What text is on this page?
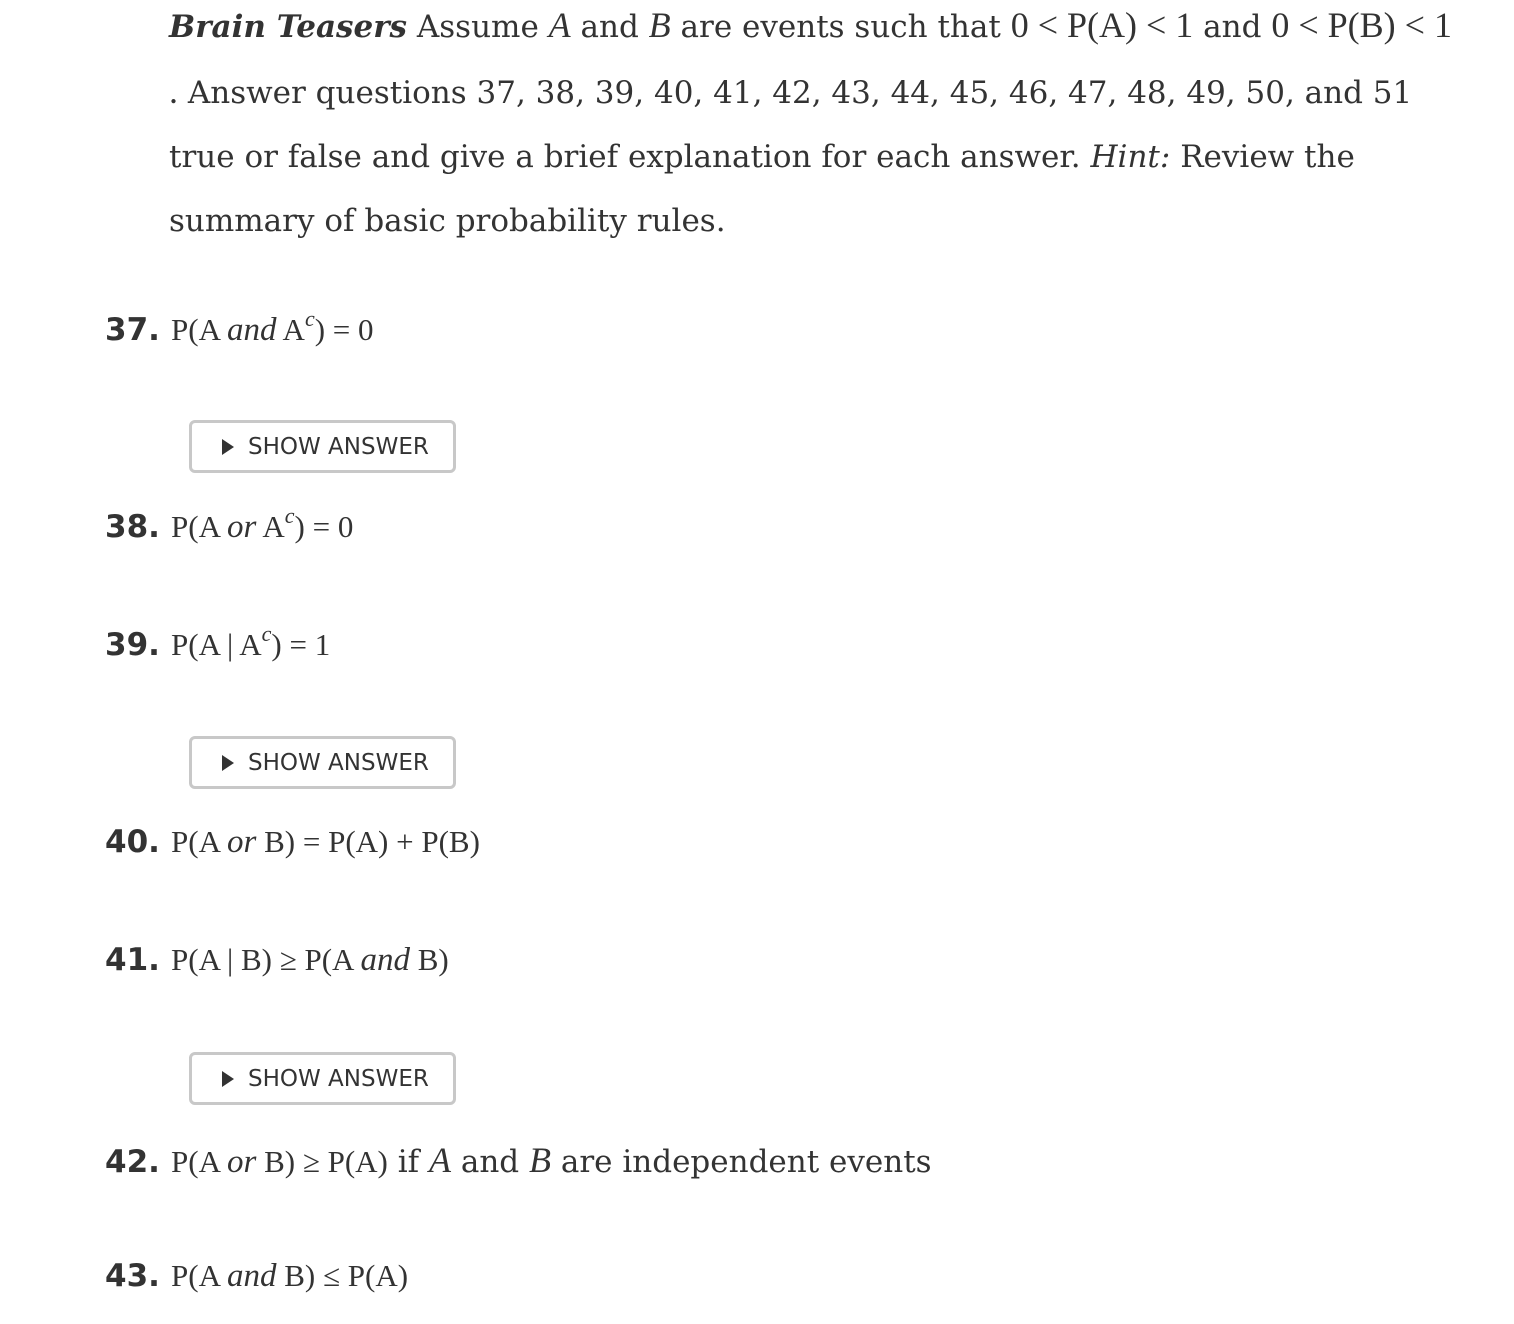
Brain Teasers Assume A and B are events such that 0 < P(A) < 1 and 0 < P(B) < 1 . Answer questions 37, 38, 39, 40, 41, 42, 43, 44, 45, 46, 47, 48, 49, 50, and 51 true or false and give a brief explanation for each answer. Hint: Review the summary of basic probability rules.
37. P(A and $A^c) = 0$
SHOW ANSWER
38. P(A or $A^c) = 0$
39. P(A | $A^c) = 1$
SHOW ANSWER
40. P(A or B) = P(A) + P(B)
41. P(A | B) ≥ P(A and B)
SHOW ANSWER
42. P(A or B) ≥ P(A) if A and B are independent events
43. P(A and B) ≤ P(A)
